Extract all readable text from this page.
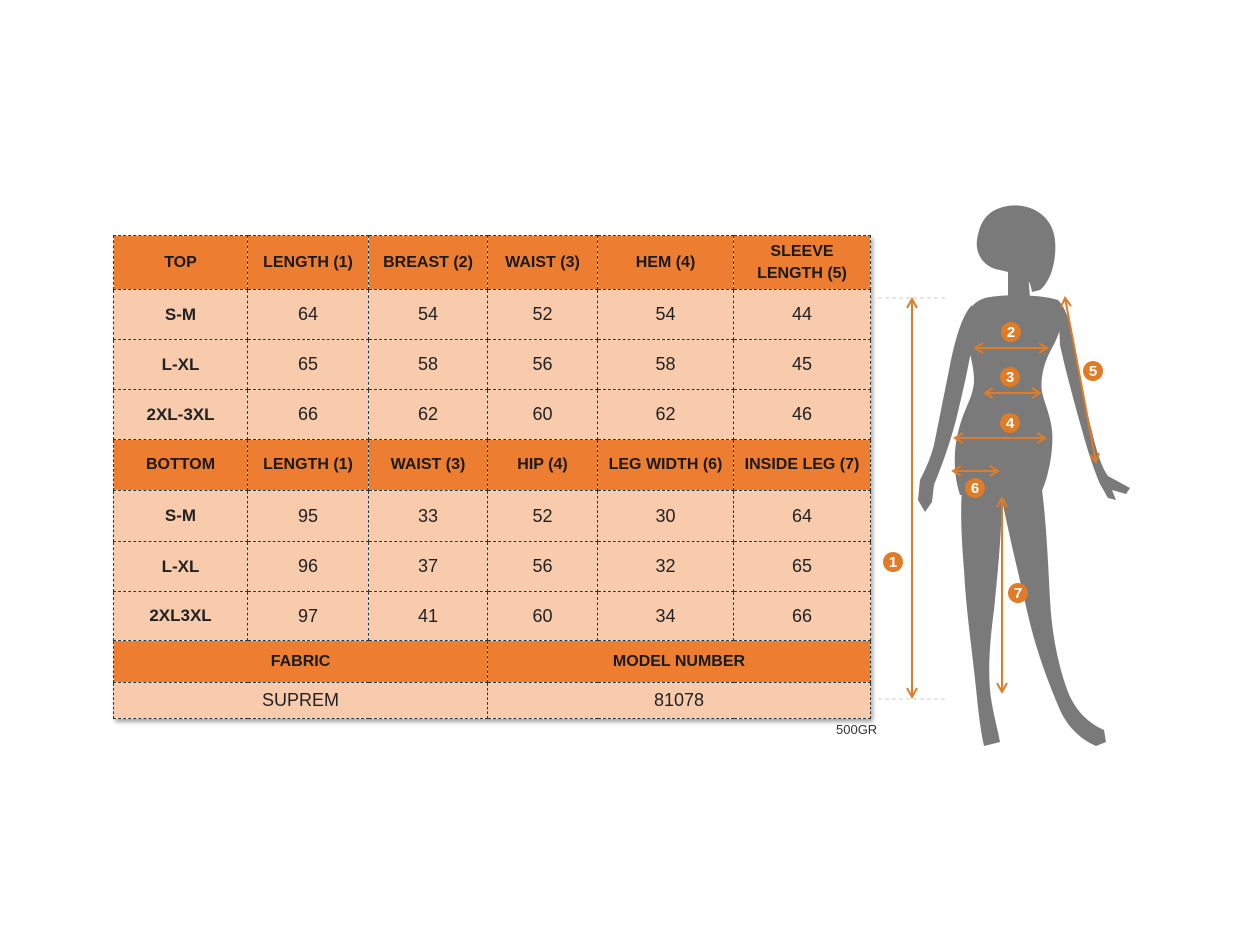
TOP	LENGTH (1)	BREAST (2)	WAIST (3)	HEM (4)	SLEEVE LENGTH (5)
S-M	64	54	52	54	44
L-XL	65	58	56	58	45
2XL-3XL	66	62	60	62	46
BOTTOM	LENGTH (1)	WAIST (3)	HIP (4)	LEG WIDTH (6)	INSIDE LEG (7)
S-M	95	33	52	30	64
L-XL	96	37	56	32	65
2XL3XL	97	41	60	34	66
FABRIC			MODEL NUMBER		
SUPREM			81078		
500GR
1
2
3
4
5
6
7
